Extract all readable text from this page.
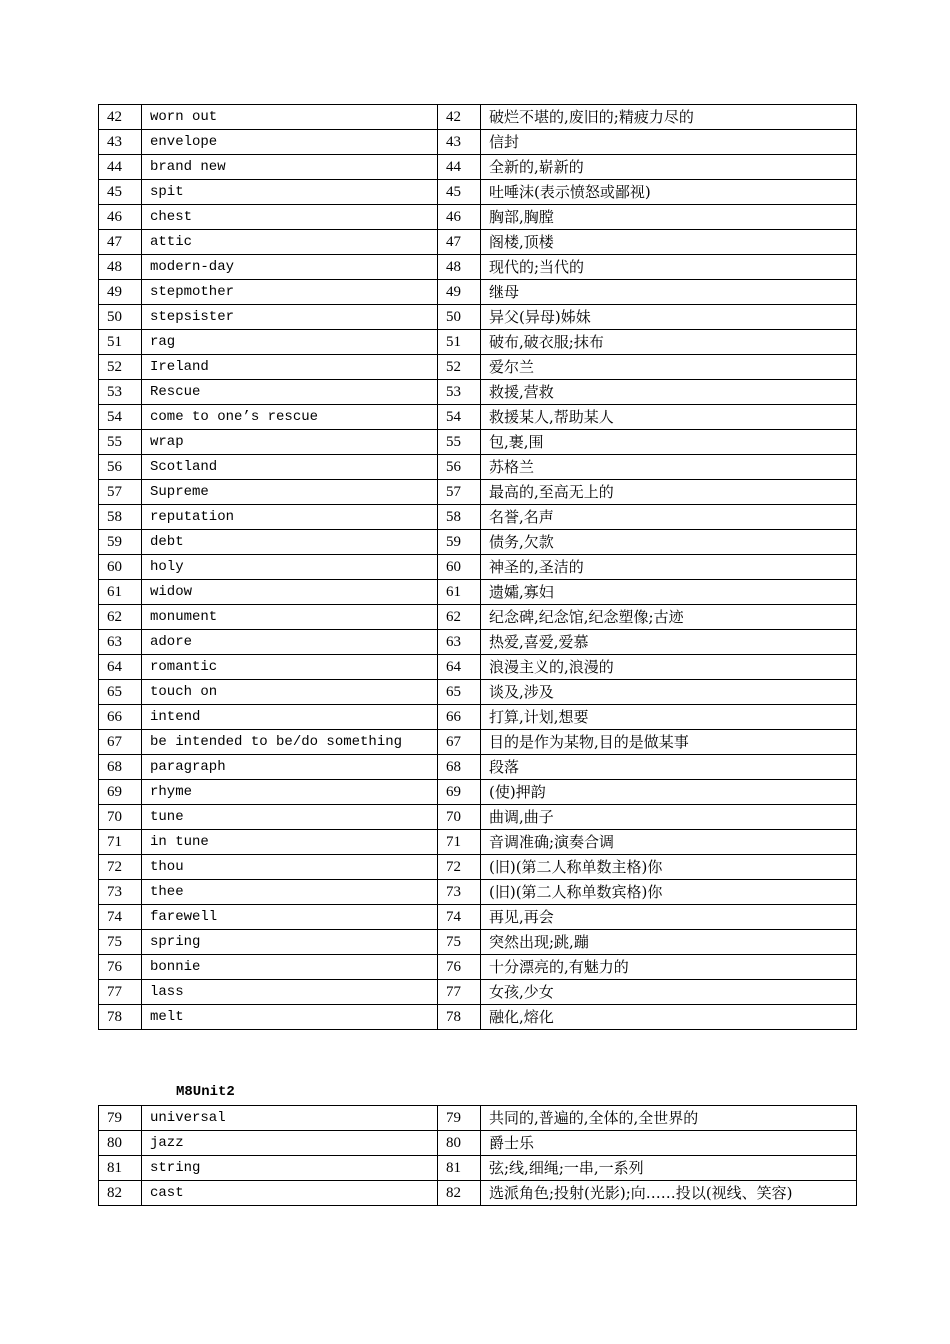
42	worn out	42	破烂不堪的,废旧的;精疲力尽的
43	envelope	43	信封
44	brand new	44	全新的,崭新的
45	spit	45	吐唾沫(表示愤怒或鄙视)
46	chest	46	胸部,胸膛
47	attic	47	阁楼,顶楼
48	modern-day	48	现代的;当代的
49	stepmother	49	继母
50	stepsister	50	异父(异母)姊妹
51	rag	51	破布,破衣服;抹布
52	Ireland	52	爱尔兰
53	Rescue	53	救援,营救
54	come to one’s rescue	54	救援某人,帮助某人
55	wrap	55	包,裹,围
56	Scotland	56	苏格兰
57	Supreme	57	最高的,至高无上的
58	reputation	58	名誉,名声
59	debt	59	债务,欠款
60	holy	60	神圣的,圣洁的
61	widow	61	遗孀,寡妇
62	monument	62	纪念碑,纪念馆,纪念塑像;古迹
63	adore	63	热爱,喜爱,爱慕
64	romantic	64	浪漫主义的,浪漫的
65	touch on	65	谈及,涉及
66	intend	66	打算,计划,想要
67	be intended to be/do something	67	目的是作为某物,目的是做某事
68	paragraph	68	段落
69	rhyme	69	(使)押韵
70	tune	70	曲调,曲子
71	in tune	71	音调准确;演奏合调
72	thou	72	(旧)(第二人称单数主格)你
73	thee	73	(旧)(第二人称单数宾格)你
74	farewell	74	再见,再会
75	spring	75	突然出现;跳,蹦
76	bonnie	76	十分漂亮的,有魅力的
77	lass	77	女孩,少女
78	melt	78	融化,熔化
M8Unit2
79	universal	79	共同的,普遍的,全体的,全世界的
80	jazz	80	爵士乐
81	string	81	弦;线,细绳;一串,一系列
82	cast	82	选派角色;投射(光影);向……投以(视线、笑容)
